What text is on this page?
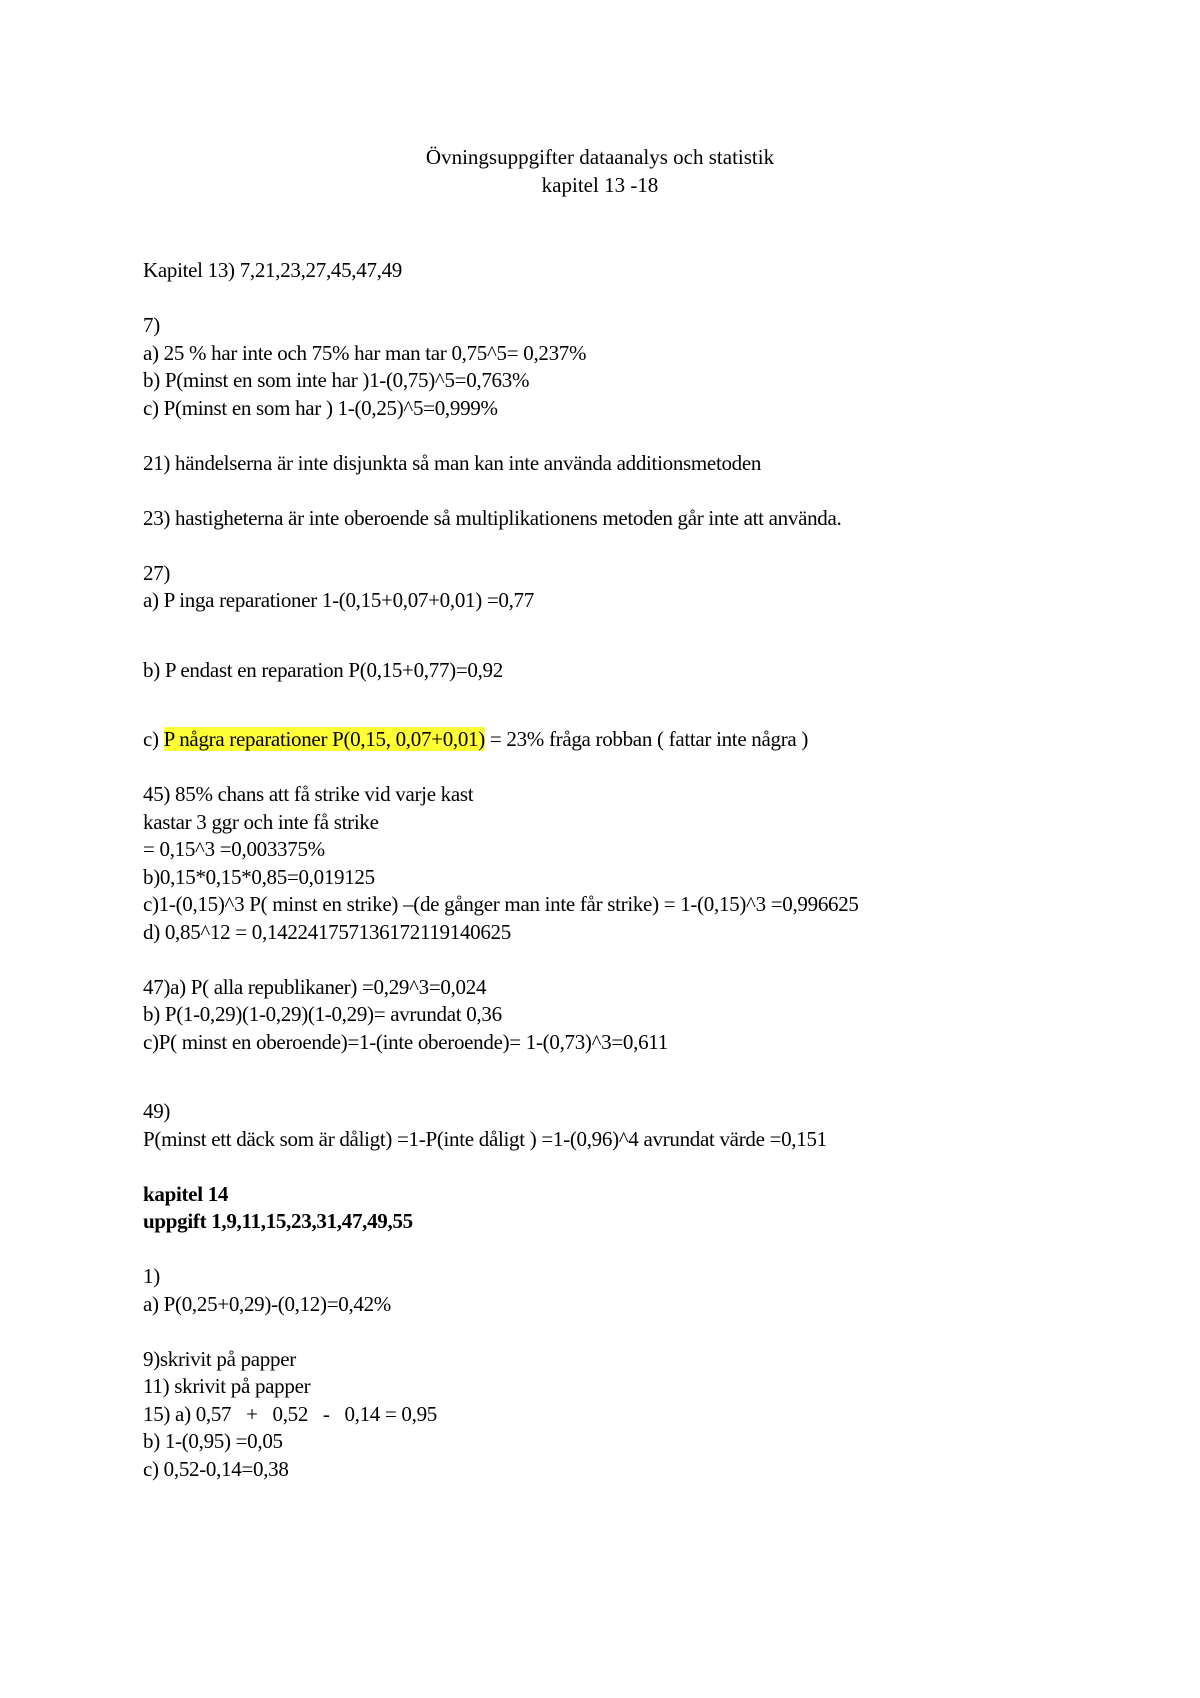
Övningsuppgifter dataanalys och statistik
kapitel 13 -18
Kapitel 13) 7,21,23,27,45,47,49
7)
a) 25 % har inte och 75% har man tar 0,75^5= 0,237%
b) P(minst en som inte har )1-(0,75)^5=0,763%
c) P(minst en som har ) 1-(0,25)^5=0,999%
21) händelserna är inte disjunkta så man kan inte använda additionsmetoden
23) hastigheterna är inte oberoende så multiplikationens metoden går inte att använda.
27)
a) P inga reparationer 1-(0,15+0,07+0,01) =0,77
b) P endast en reparation P(0,15+0,77)=0,92
c) P några reparationer P(0,15, 0,07+0,01) = 23% fråga robban ( fattar inte några )
45) 85% chans att få strike vid varje kast
kastar 3 ggr och inte få strike
= 0,15^3 =0,003375%
b)0,15*0,15*0,85=0,019125
c)1-(0,15)^3 P( minst en strike) –(de gånger man inte får strike) = 1-(0,15)^3 =0,996625
d) 0,85^12 = 0,142241757136172119140625
47)a) P( alla republikaner) =0,29^3=0,024
b) P(1-0,29)(1-0,29)(1-0,29)= avrundat 0,36
c)P( minst en oberoende)=1-(inte oberoende)= 1-(0,73)^3=0,611
49)
P(minst ett däck som är dåligt) =1-P(inte dåligt ) =1-(0,96)^4 avrundat värde =0,151
kapitel 14
uppgift 1,9,11,15,23,31,47,49,55
1)
a) P(0,25+0,29)-(0,12)=0,42%
9)skrivit på papper
11) skrivit på papper
15) a) 0,57   +   0,52   -   0,14 = 0,95
b) 1-(0,95) =0,05
c) 0,52-0,14=0,38
